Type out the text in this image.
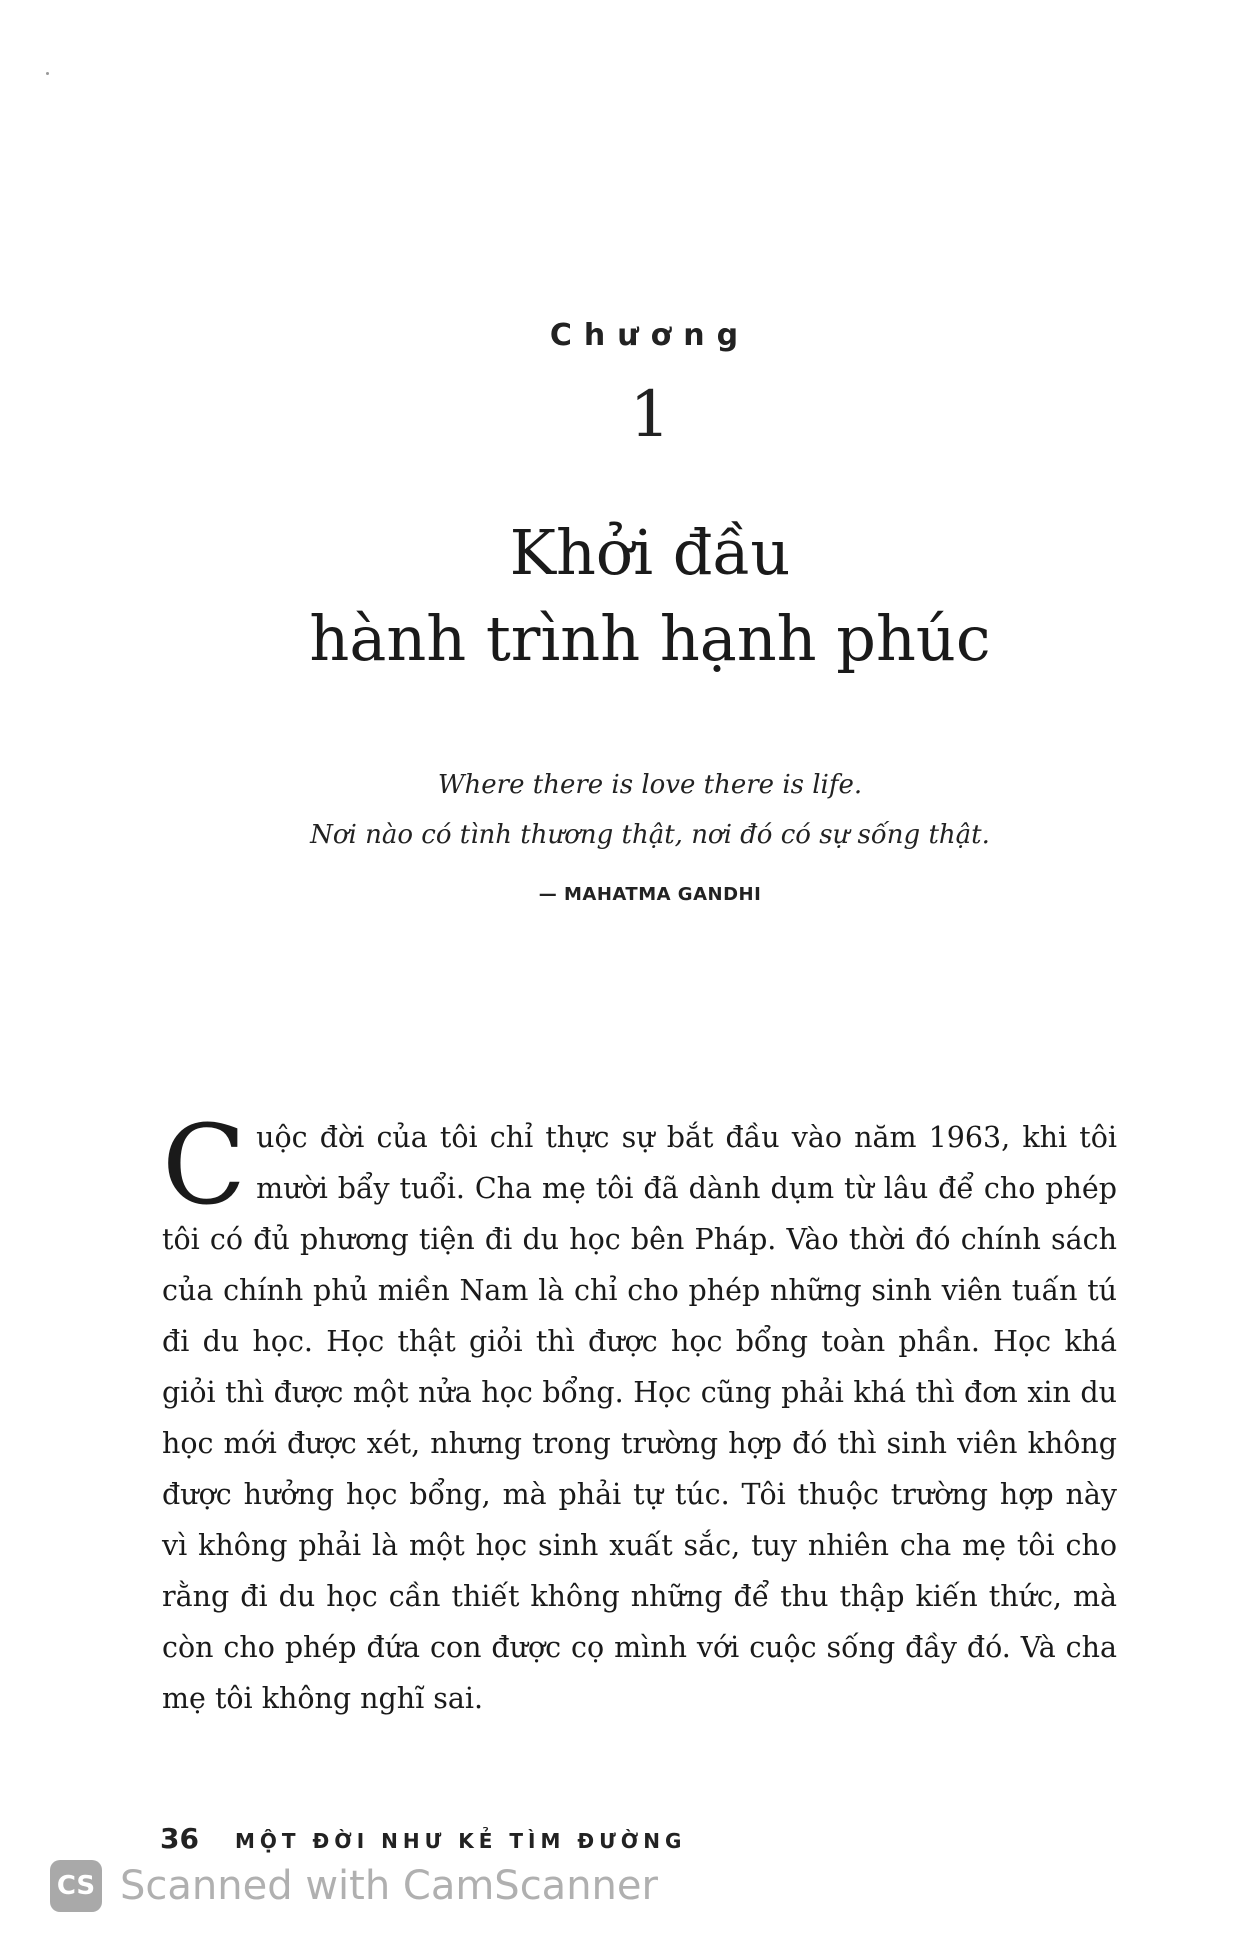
Chương
1
Khởi đầu
hành trình hạnh phúc
Where there is love there is life.
Nơi nào có tình thương thật, nơi đó có sự sống thật.
— MAHATMA GANDHI
Cuộc đời của tôi chỉ thực sự bắt đầu vào năm 1963, khi tôi mười bẩy tuổi. Cha mẹ tôi đã dành dụm từ lâu để cho phép tôi có đủ phương tiện đi du học bên Pháp. Vào thời đó chính sách của chính phủ miền Nam là chỉ cho phép những sinh viên tuấn tú đi du học. Học thật giỏi thì được học bổng toàn phần. Học khá giỏi thì được một nửa học bổng. Học cũng phải khá thì đơn xin du học mới được xét, nhưng trong trường hợp đó thì sinh viên không được hưởng học bổng, mà phải tự túc. Tôi thuộc trường hợp này vì không phải là một học sinh xuất sắc, tuy nhiên cha mẹ tôi cho rằng đi du học cần thiết không những để thu thập kiến thức, mà còn cho phép đứa con được cọ mình với cuộc sống đầy đó. Và cha mẹ tôi không nghĩ sai.
36 MỘT ĐỜI NHƯ KẺ TÌM ĐƯỜNG
CS Scanned with CamScanner
